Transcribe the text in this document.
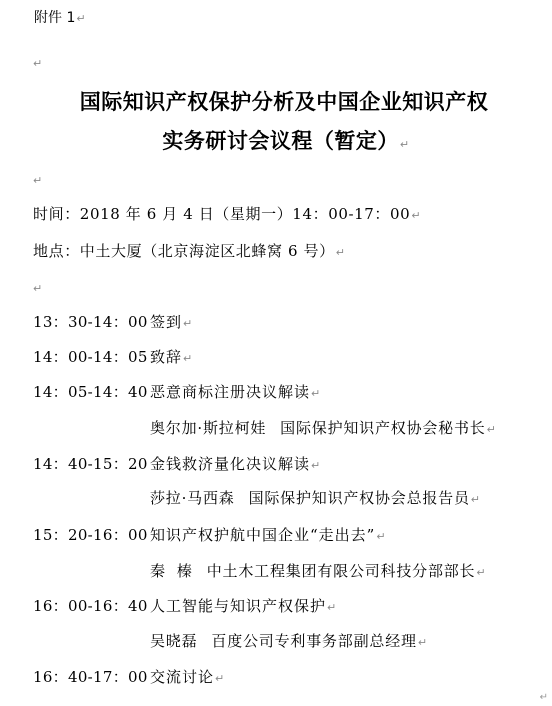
附件 1↵
↵
国际知识产权保护分析及中国企业知识产权
实务研讨会议程（暂定）↵
↵
时间：2018 年 6 月 4 日（星期一）14：00-17：00↵
地点：中土大厦（北京海淀区北蜂窝 6 号）↵
↵
13：30-14：00 签到↵
14：00-14：05 致辞↵
14：05-14：40 恶意商标注册决议解读↵
奥尔加·斯拉柯娃 国际保护知识产权协会秘书长↵
14：40-15：20 金钱救济量化决议解读↵
莎拉·马西森 国际保护知识产权协会总报告员↵
15：20-16：00 知识产权护航中国企业“走出去”↵
秦  榛 中土木工程集团有限公司科技分部部长↵
16：00-16：40 人工智能与知识产权保护↵
吴晓磊 百度公司专利事务部副总经理↵
16：40-17：00 交流讨论↵
↵
